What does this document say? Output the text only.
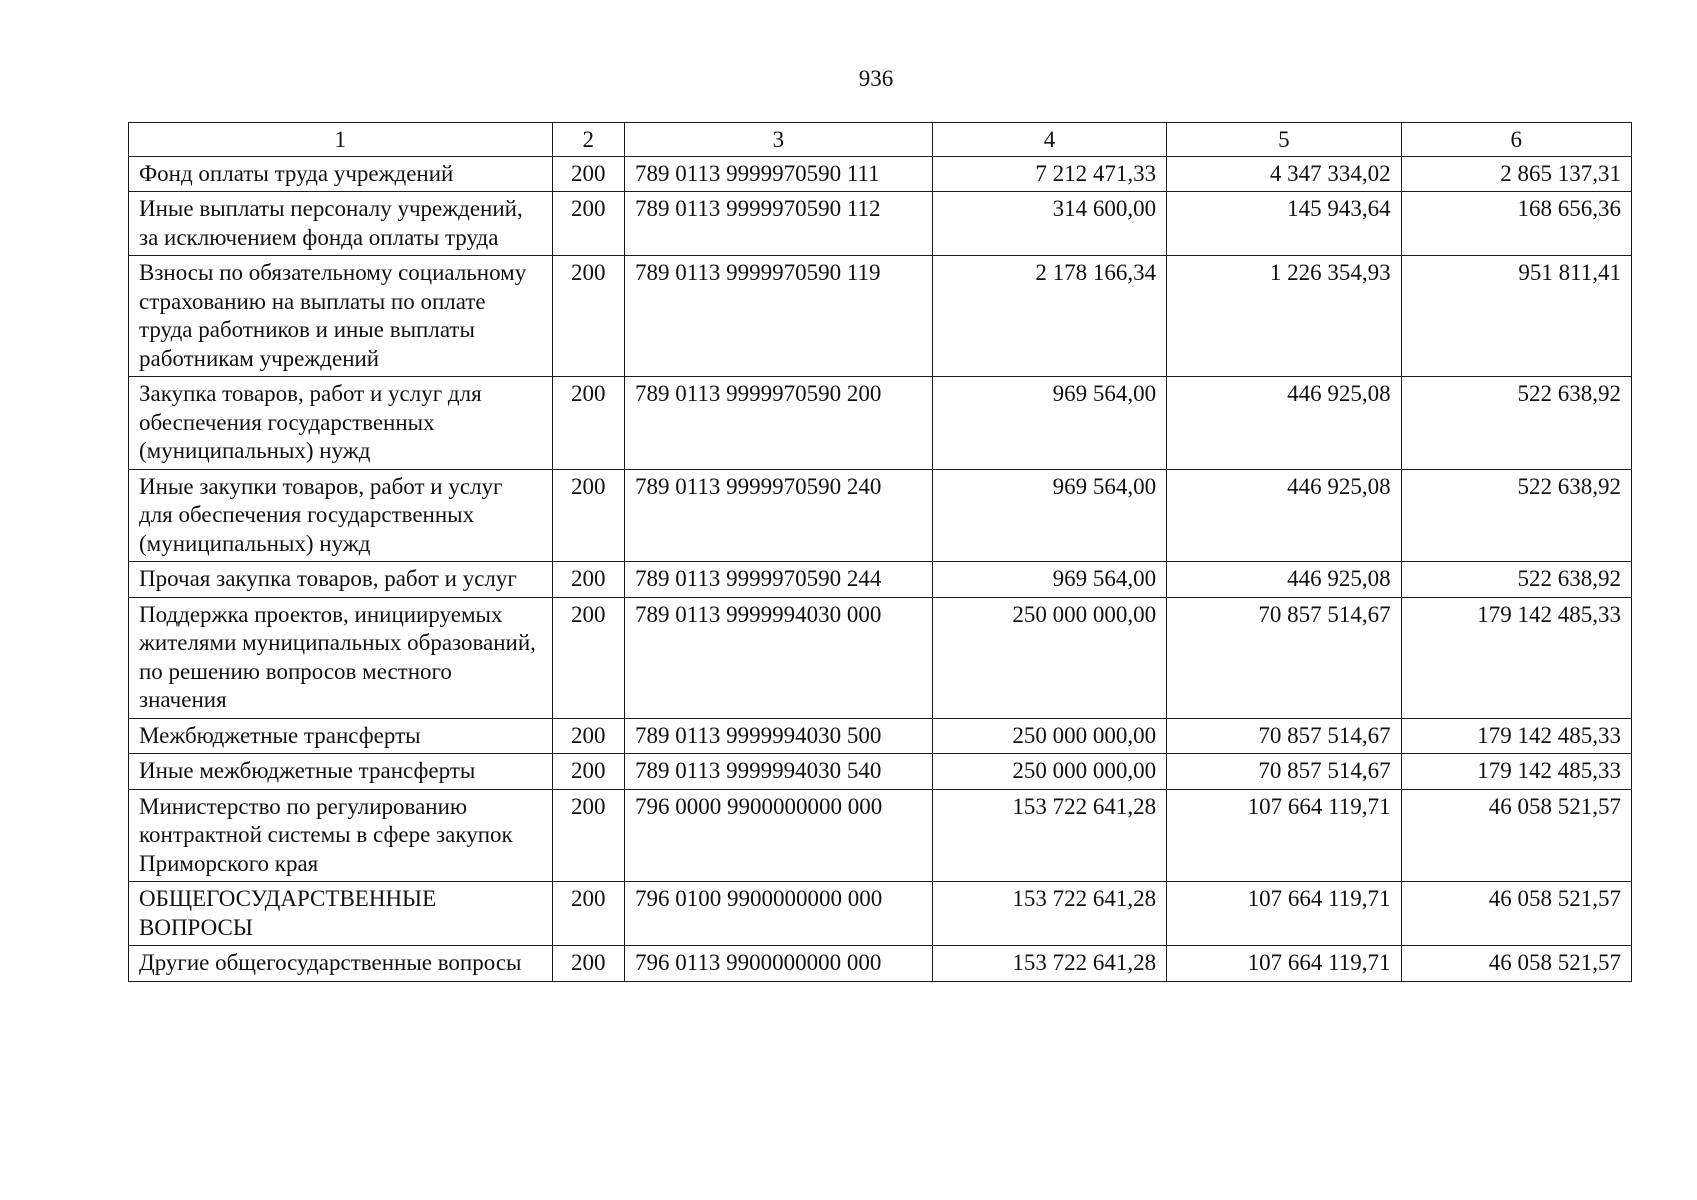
936
1	2	3	4	5	6
Фонд оплаты труда учреждений	200	789 0113 9999970590 111	7 212 471,33	4 347 334,02	2 865 137,31
Иные выплаты персоналу учреждений, за исключением фонда оплаты труда	200	789 0113 9999970590 112	314 600,00	145 943,64	168 656,36
Взносы по обязательному социальному страхованию на выплаты по оплате труда работников и иные выплаты работникам учреждений	200	789 0113 9999970590 119	2 178 166,34	1 226 354,93	951 811,41
Закупка товаров, работ и услуг для обеспечения государственных (муниципальных) нужд	200	789 0113 9999970590 200	969 564,00	446 925,08	522 638,92
Иные закупки товаров, работ и услуг для обеспечения государственных (муниципальных) нужд	200	789 0113 9999970590 240	969 564,00	446 925,08	522 638,92
Прочая закупка товаров, работ и услуг	200	789 0113 9999970590 244	969 564,00	446 925,08	522 638,92
Поддержка проектов, инициируемых жителями муниципальных образований, по решению вопросов местного значения	200	789 0113 9999994030 000	250 000 000,00	70 857 514,67	179 142 485,33
Межбюджетные трансферты	200	789 0113 9999994030 500	250 000 000,00	70 857 514,67	179 142 485,33
Иные межбюджетные трансферты	200	789 0113 9999994030 540	250 000 000,00	70 857 514,67	179 142 485,33
Министерство по регулированию контрактной системы в сфере закупок Приморского края	200	796 0000 9900000000 000	153 722 641,28	107 664 119,71	46 058 521,57
ОБЩЕГОСУДАРСТВЕННЫЕ ВОПРОСЫ	200	796 0100 9900000000 000	153 722 641,28	107 664 119,71	46 058 521,57
Другие общегосударственные вопросы	200	796 0113 9900000000 000	153 722 641,28	107 664 119,71	46 058 521,57
